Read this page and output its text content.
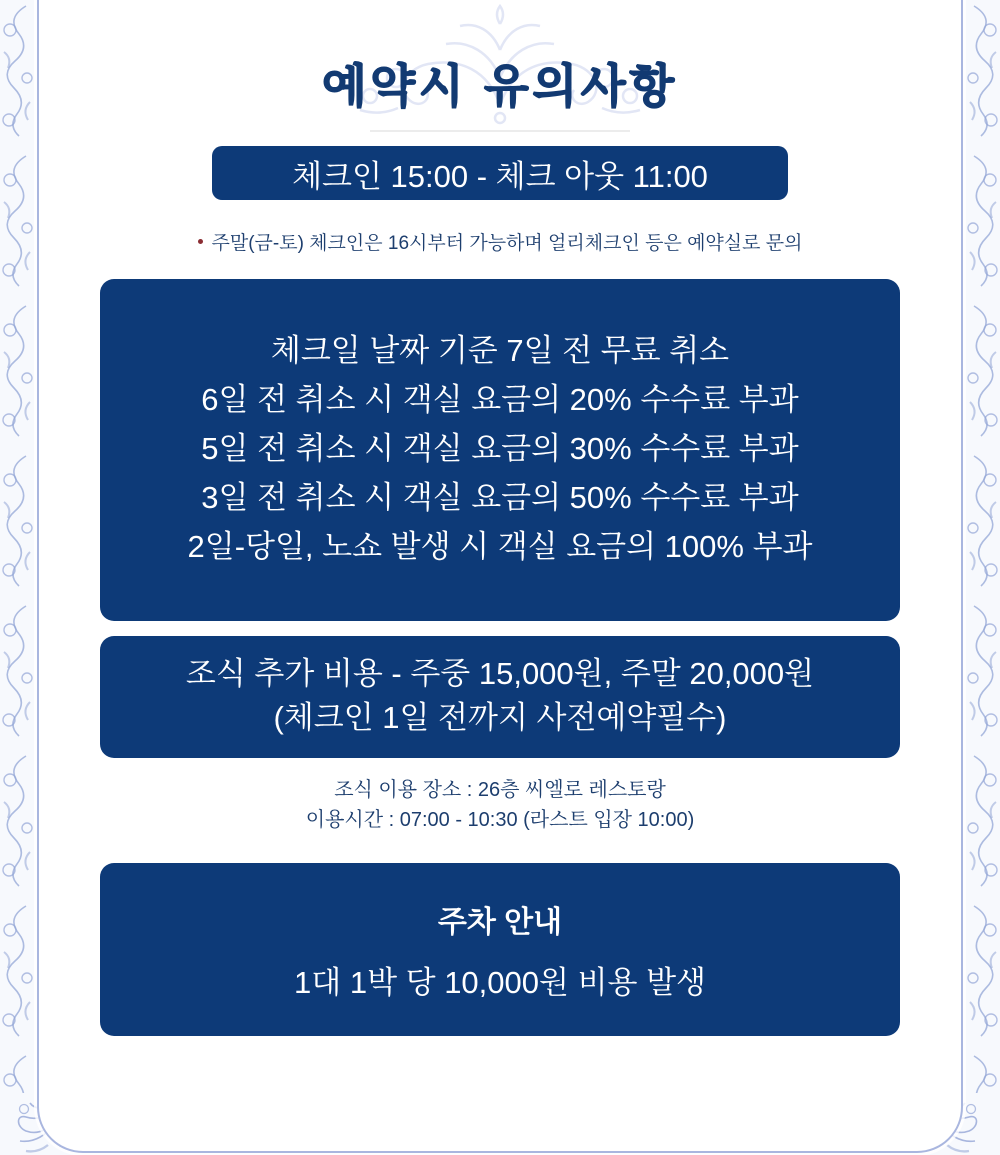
예약시 유의사항
체크인 15:00 - 체크 아웃 11:00
주말(금-토) 체크인은 16시부터 가능하며 얼리체크인 등은 예약실로 문의
체크일 날짜 기준 7일 전 무료 취소
6일 전 취소 시 객실 요금의 20% 수수료 부과
5일 전 취소 시 객실 요금의 30% 수수료 부과
3일 전 취소 시 객실 요금의 50% 수수료 부과
2일-당일, 노쇼 발생 시 객실 요금의 100% 부과
조식 추가 비용 - 주중 15,000원, 주말 20,000원
(체크인 1일 전까지 사전예약필수)
조식 이용 장소 : 26층 씨엘로 레스토랑
이용시간 : 07:00 - 10:30 (라스트 입장 10:00)
주차 안내
1대 1박 당 10,000원 비용 발생
